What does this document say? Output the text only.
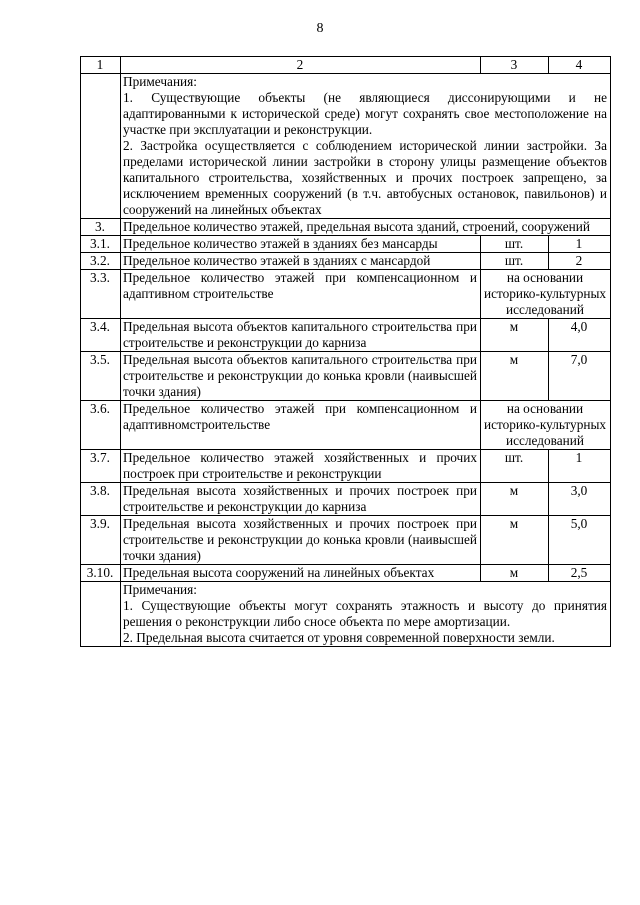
8
1	2	3	4

	Примечания:

1. Существующие объекты (не являющиеся диссонирующими и не адаптированными к исторической среде) могут сохранять свое местоположение на участке при эксплуатации и реконструкции.

2. Застройка осуществляется с соблюдением исторической линии застройки. За пределами исторической линии застройки в сторону улицы размещение объектов капитального строительства, хозяйственных и прочих построек запрещено, за исключением временных сооружений (в т.ч. автобусных остановок, павильонов) и сооружений на линейных объектах		

3.	Предельное количество этажей, предельная высота зданий, строений, сооружений		
3.1.	Предельное количество этажей в зданиях без мансарды	шт.	1
3.2.	Предельное количество этажей в зданиях с мансардой	шт.	2
3.3.	Предельное количество этажей при компенсационном и адаптивном строительстве	на основании историко-культурных исследований	
3.4.	Предельная высота объектов капитального строительства при строительстве и реконструкции до карниза	м	4,0
3.5.	Предельная высота объектов капитального строительства при строительстве и реконструкции до конька кровли (наивысшей точки здания)	м	7,0
3.6.	Предельное количество этажей при компенсационном и адаптивномстроительстве	на основании историко-культурных исследований	
3.7.	Предельное количество этажей хозяйственных и прочих построек при строительстве и реконструкции	шт.	1
3.8.	Предельная высота хозяйственных и прочих построек при строительстве и реконструкции до карниза	м	3,0
3.9.	Предельная высота хозяйственных и прочих построек при строительстве и реконструкции до конька кровли (наивысшей точки здания)	м	5,0
3.10.	Предельная высота сооружений на линейных объектах	м	2,5

	Примечания:

1. Существующие объекты могут сохранять этажность и высоту до принятия решения о реконструкции либо сносе объекта по мере амортизации.

2. Предельная высота считается от уровня современной поверхности земли.		
